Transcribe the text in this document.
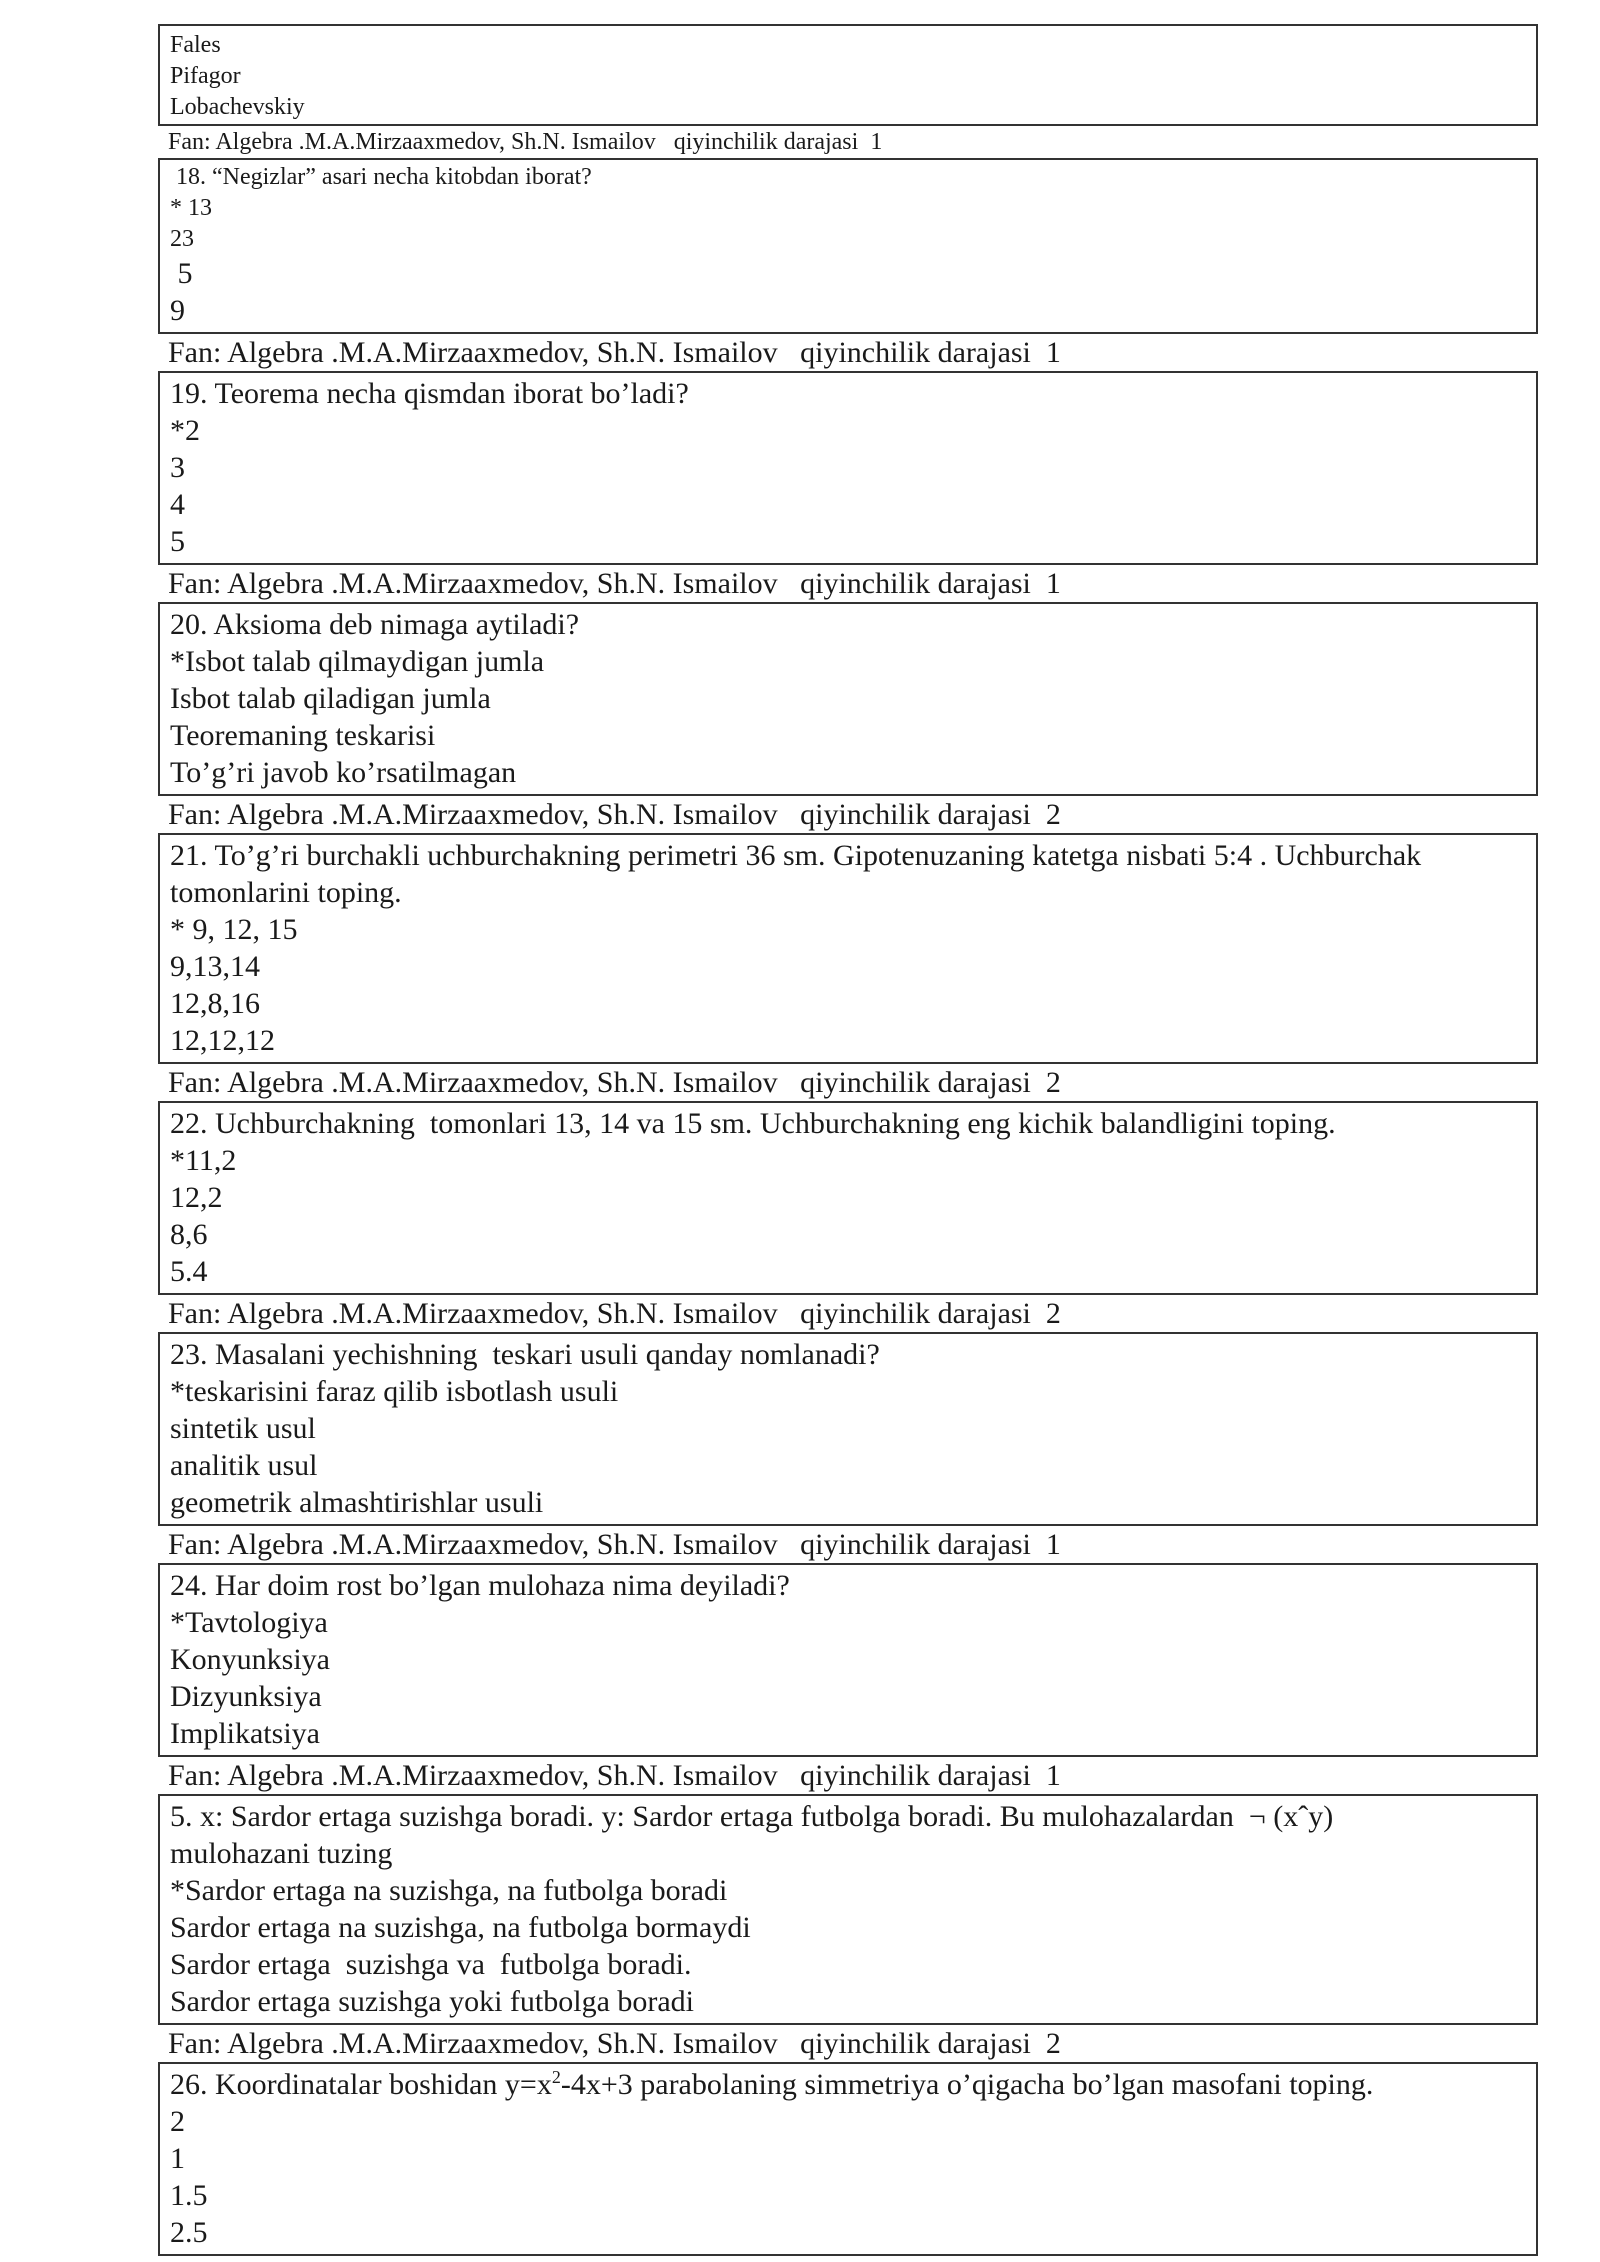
Fales
Pifagor
Lobachevskiy
Fan: Algebra .M.A.Mirzaaxmedov, Sh.N. Ismailov   qiyinchilik darajasi  1
18. “Negizlar” asari necha kitobdan iborat?
* 13
23
5
9
Fan: Algebra .M.A.Mirzaaxmedov, Sh.N. Ismailov   qiyinchilik darajasi  1
19. Teorema necha qismdan iborat bo’ladi?
*2
3
4
5
Fan: Algebra .M.A.Mirzaaxmedov, Sh.N. Ismailov   qiyinchilik darajasi  1
20. Aksioma deb nimaga aytiladi?
*Isbot talab qilmaydigan jumla
Isbot talab qiladigan jumla
Teoremaning teskarisi
To’g’ri javob ko’rsatilmagan
Fan: Algebra .M.A.Mirzaaxmedov, Sh.N. Ismailov   qiyinchilik darajasi  2
21. To’g’ri burchakli uchburchakning perimetri 36 sm. Gipotenuzaning katetga nisbati 5:4 . Uchburchak
tomonlarini toping.
* 9, 12, 15
9,13,14
12,8,16
12,12,12
Fan: Algebra .M.A.Mirzaaxmedov, Sh.N. Ismailov   qiyinchilik darajasi  2
22. Uchburchakning  tomonlari 13, 14 va 15 sm. Uchburchakning eng kichik balandligini toping.
*11,2
12,2
8,6
5.4
Fan: Algebra .M.A.Mirzaaxmedov, Sh.N. Ismailov   qiyinchilik darajasi  2
23. Masalani yechishning  teskari usuli qanday nomlanadi?
*teskarisini faraz qilib isbotlash usuli
sintetik usul
analitik usul
geometrik almashtirishlar usuli
Fan: Algebra .M.A.Mirzaaxmedov, Sh.N. Ismailov   qiyinchilik darajasi  1
24. Har doim rost bo’lgan mulohaza nima deyiladi?
*Tavtologiya
Konyunksiya
Dizyunksiya
Implikatsiya
Fan: Algebra .M.A.Mirzaaxmedov, Sh.N. Ismailov   qiyinchilik darajasi  1
5. x: Sardor ertaga suzishga boradi. y: Sardor ertaga futbolga boradi. Bu mulohazalardan  ¬ (xˆy)
mulohazani tuzing
*Sardor ertaga na suzishga, na futbolga boradi
Sardor ertaga na suzishga, na futbolga bormaydi
Sardor ertaga  suzishga va  futbolga boradi.
Sardor ertaga suzishga yoki futbolga boradi
Fan: Algebra .M.A.Mirzaaxmedov, Sh.N. Ismailov   qiyinchilik darajasi  2
26. Koordinatalar boshidan $y=x^2-4x+3$ parabolaning simmetriya o’qigacha bo’lgan masofani toping.
2
1
1.5
2.5
